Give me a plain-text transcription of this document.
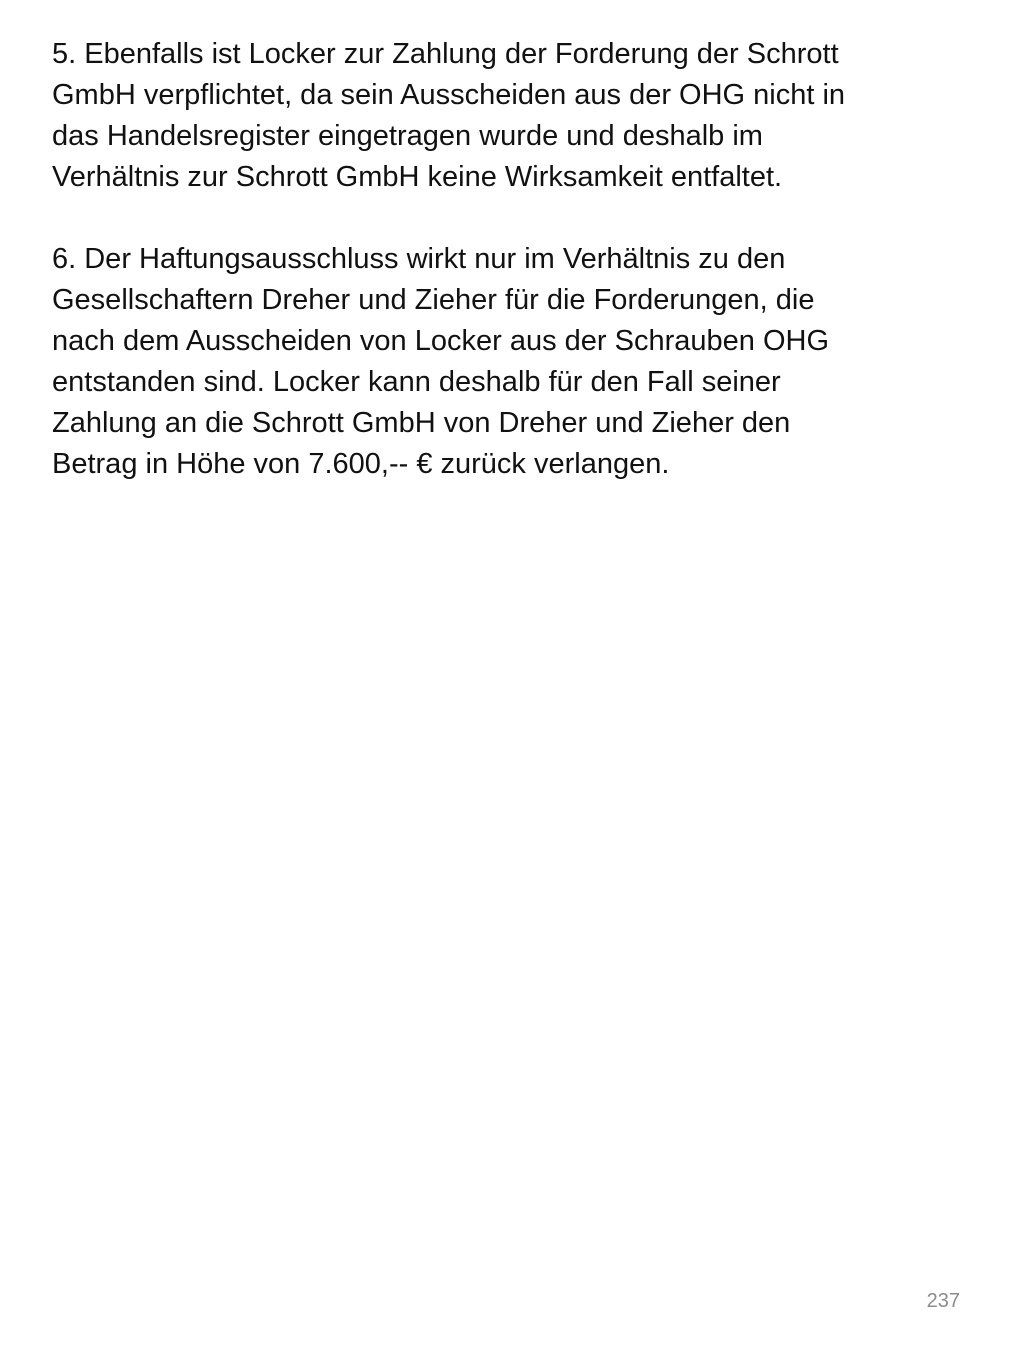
5. Ebenfalls ist Locker zur Zahlung der Forderung der Schrott
GmbH verpflichtet, da sein Ausscheiden aus der OHG nicht in
das Handelsregister eingetragen wurde und deshalb im
Verhältnis zur Schrott GmbH keine Wirksamkeit entfaltet.

6. Der Haftungsausschluss wirkt nur im Verhältnis zu den
Gesellschaftern Dreher und Zieher für die Forderungen, die
nach dem Ausscheiden von Locker aus der Schrauben OHG
entstanden sind. Locker kann deshalb für den Fall seiner
Zahlung an die Schrott GmbH von Dreher und Zieher den
Betrag in Höhe von 7.600,-- € zurück verlangen.

237
